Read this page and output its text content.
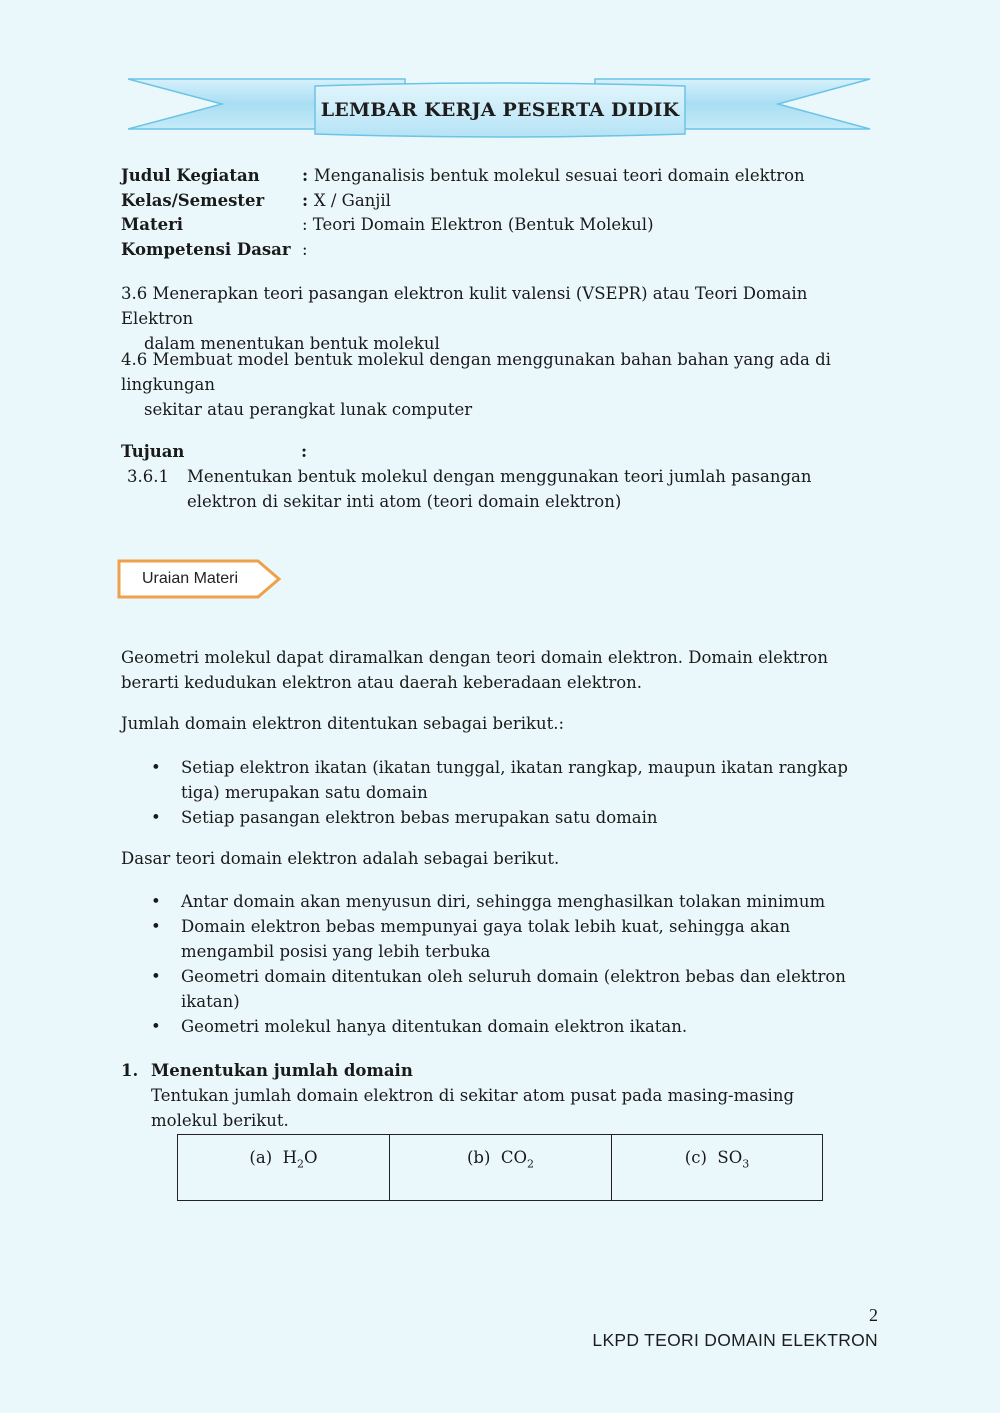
LEMBAR KERJA PESERTA DIDIK
Judul Kegiatan	: Menganalisis bentuk molekul sesuai teori domain elektron
Kelas/Semester : X / Ganjil
Materi	: Teori Domain Elektron (Bentuk Molekul)
Kompetensi Dasar :
3.6 Menerapkan teori pasangan elektron kulit valensi (VSEPR) atau Teori Domain Elektron
dalam menentukan bentuk molekul
4.6 Membuat model bentuk molekul dengan menggunakan bahan bahan yang ada di lingkungan
sekitar atau perangkat lunak computer
Tujuan	:
3.6.1 Menentukan bentuk molekul dengan menggunakan teori jumlah pasangan elektron di sekitar inti atom (teori domain elektron)
Uraian Materi
Geometri molekul dapat diramalkan dengan teori domain elektron. Domain elektron berarti kedudukan elektron atau daerah keberadaan elektron.
Jumlah domain elektron ditentukan sebagai berikut.:
• Setiap elektron ikatan (ikatan tunggal, ikatan rangkap, maupun ikatan rangkap tiga) merupakan satu domain
• Setiap pasangan elektron bebas merupakan satu domain
Dasar teori domain elektron adalah sebagai berikut.
• Antar domain akan menyusun diri, sehingga menghasilkan tolakan minimum
• Domain elektron bebas mempunyai gaya tolak lebih kuat, sehingga akan mengambil posisi yang lebih terbuka
• Geometri domain ditentukan oleh seluruh domain (elektron bebas dan elektron ikatan)
• Geometri molekul hanya ditentukan domain elektron ikatan.
1. Menentukan jumlah domain
Tentukan jumlah domain elektron di sekitar atom pusat pada masing-masing molekul berikut.
(a) $H_2O$	(b) $CO_2$	(c) $SO_3$
2
LKPD TEORI DOMAIN ELEKTRON
